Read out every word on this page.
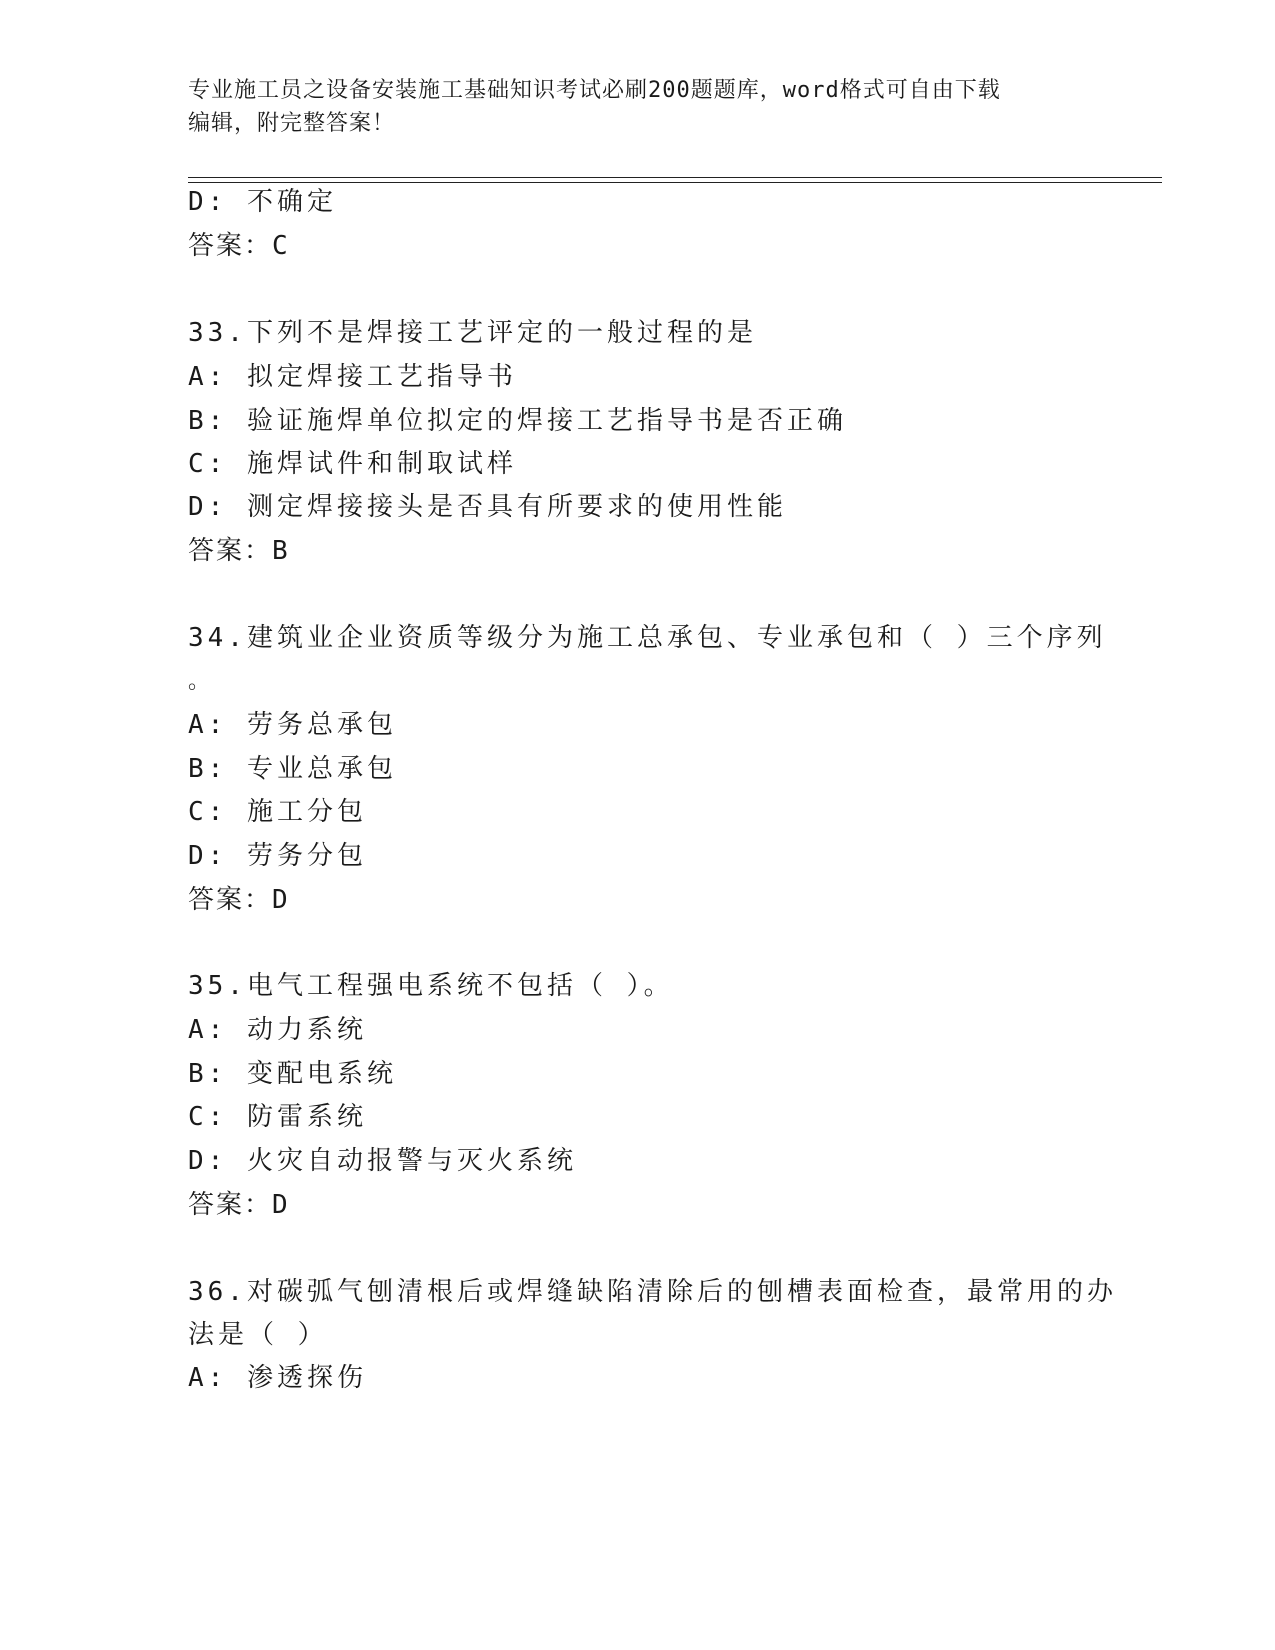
专业施工员之设备安装施工基础知识考试必刷200题题库，word格式可自由下载
编辑，附完整答案！
D: 不确定
答案：C
33.下列不是焊接工艺评定的一般过程的是
A: 拟定焊接工艺指导书
B: 验证施焊单位拟定的焊接工艺指导书是否正确
C: 施焊试件和制取试样
D: 测定焊接接头是否具有所要求的使用性能
答案：B
34.建筑业企业资质等级分为施工总承包、专业承包和（ ）三个序列
。
A: 劳务总承包
B: 专业总承包
C: 施工分包
D: 劳务分包
答案：D
35.电气工程强电系统不包括（ ）。
A: 动力系统
B: 变配电系统
C: 防雷系统
D: 火灾自动报警与灭火系统
答案：D
36.对碳弧气刨清根后或焊缝缺陷清除后的刨槽表面检查，最常用的办
法是（ ）
A: 渗透探伤
